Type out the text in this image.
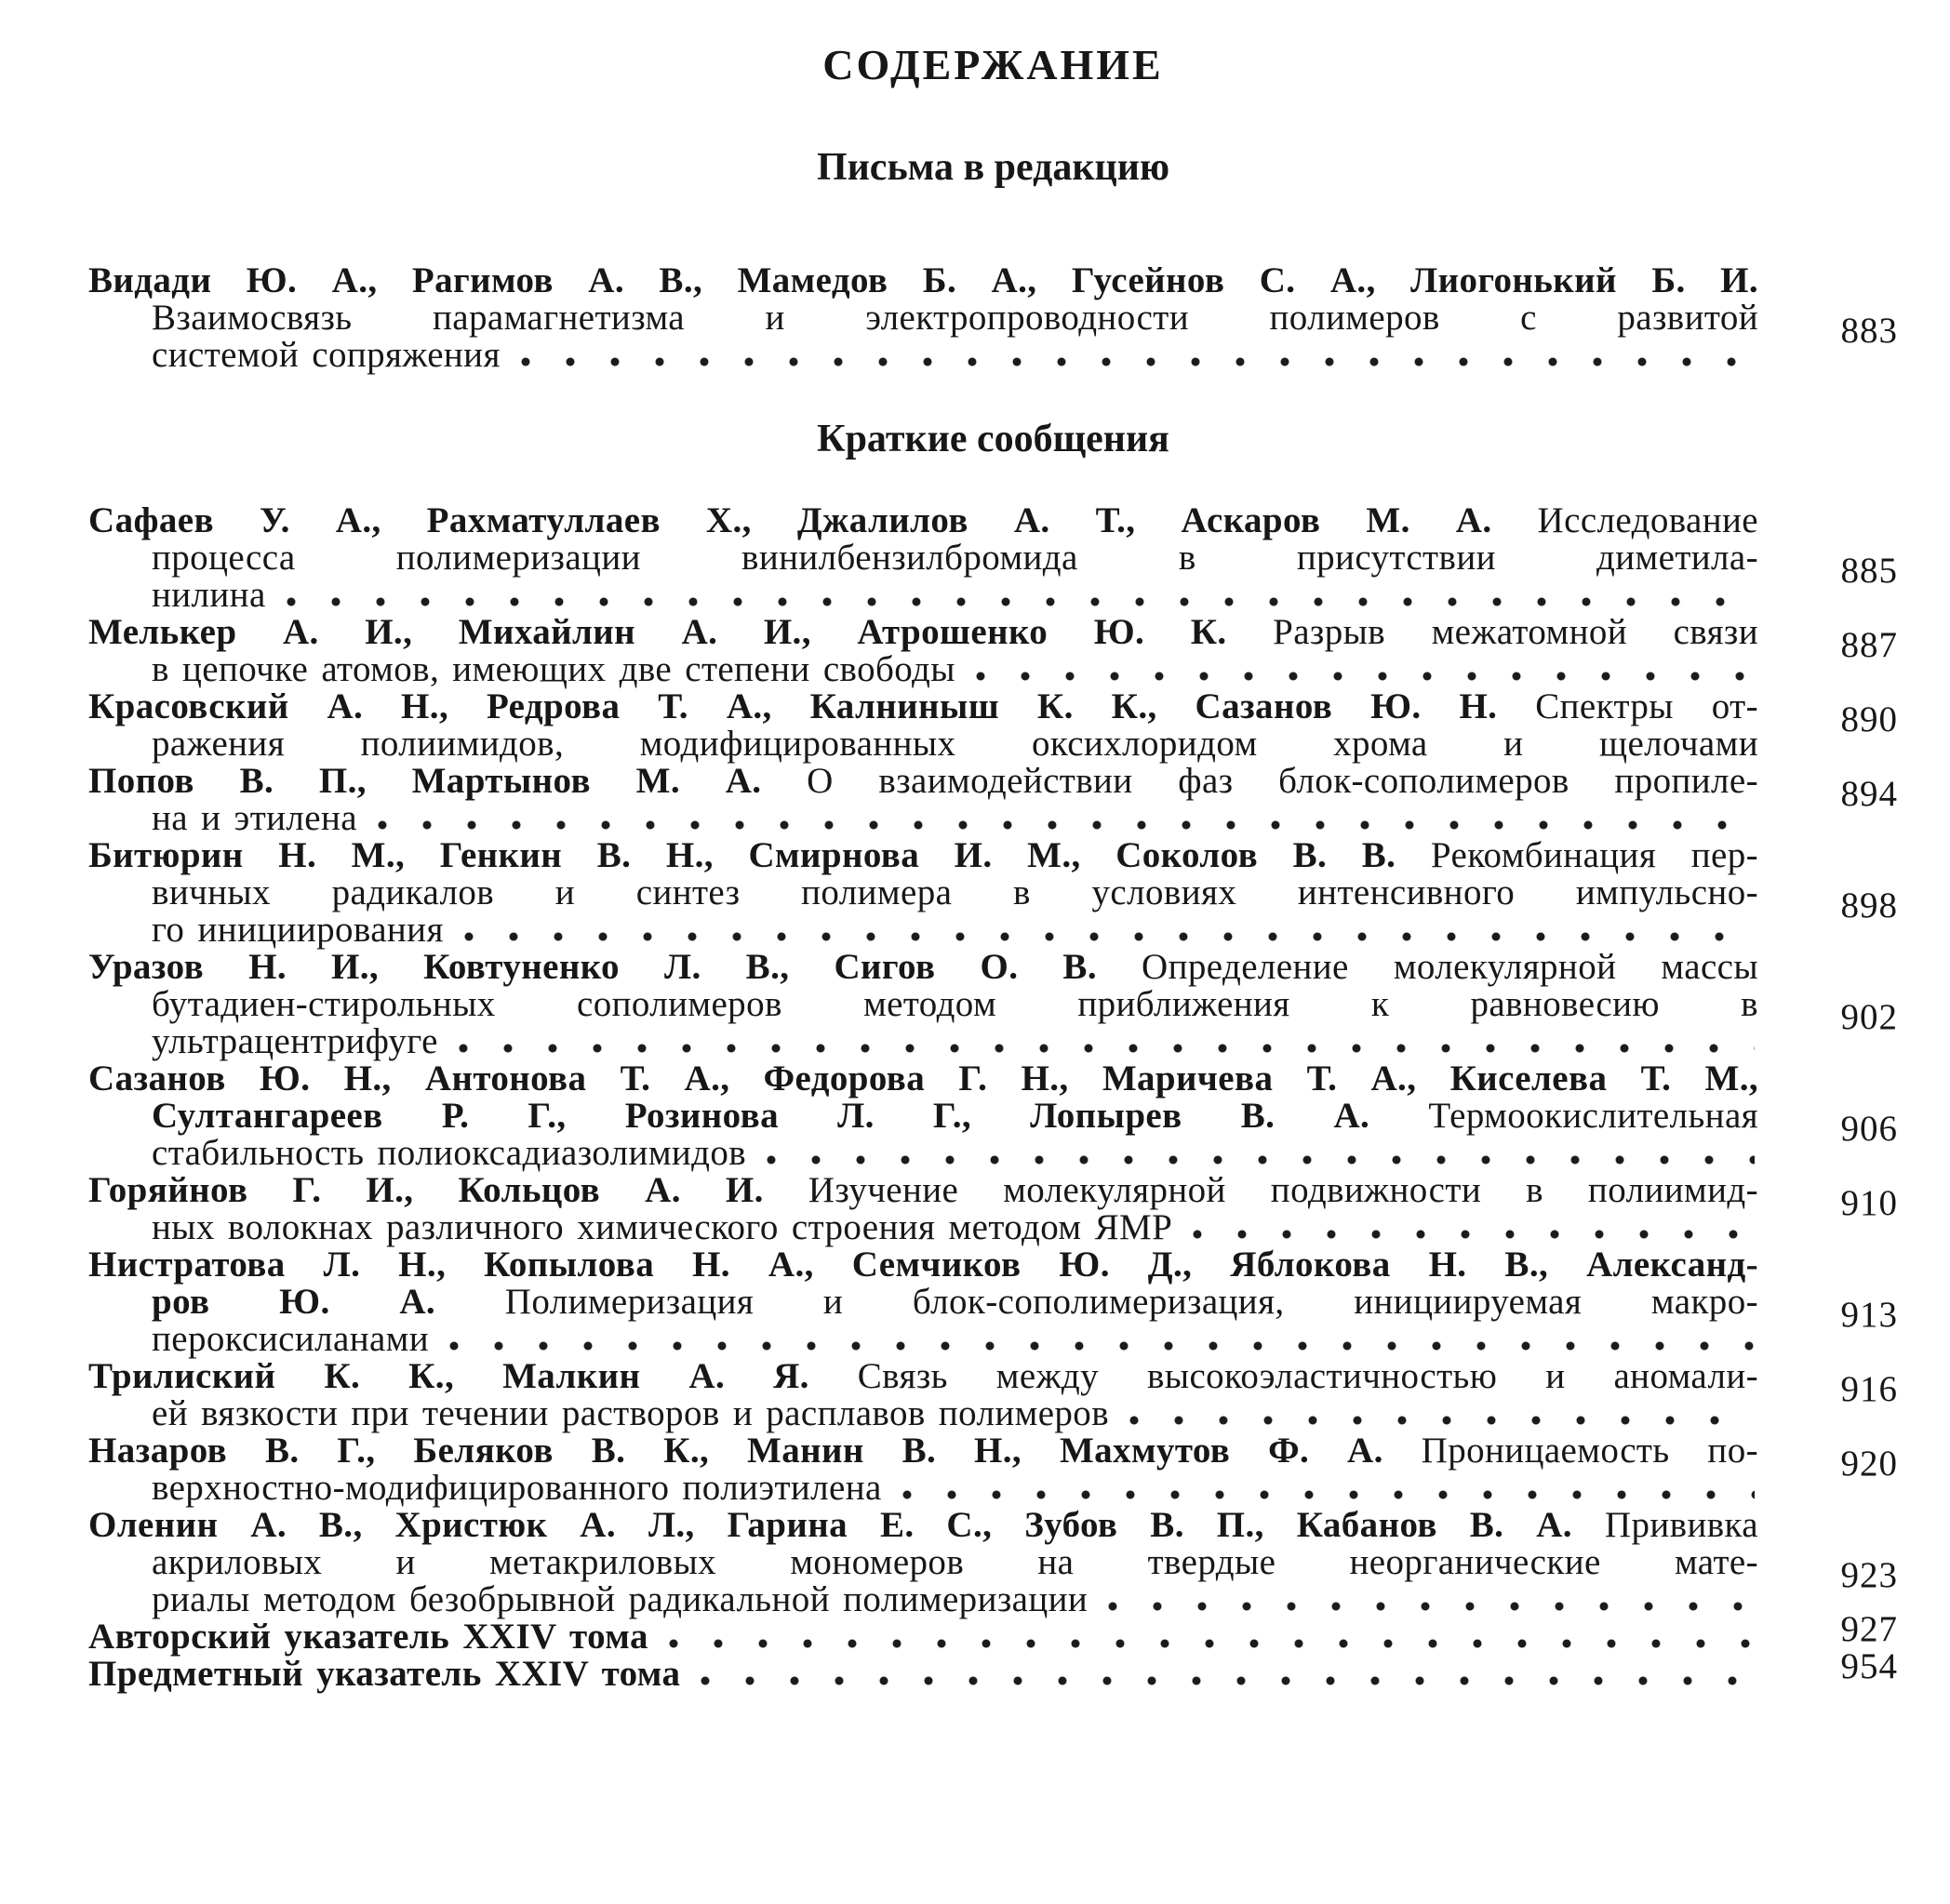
СОДЕРЖАНИЕ
Письма в редакцию
Видади Ю. А., Рагимов А. В., Мамедов Б. А., Гусейнов С. А., Лиогонький Б. И.
Взаимосвязь парамагнетизма и электропроводности полимеров с развитой
системой сопряжения
883
Краткие сообщения
Сафаев У. А., Рахматуллаев Х., Джалилов А. Т., Аскаров М. А. Исследование
процесса полимеризации винилбензилбромида в присутствии диметила-
нилина
885
Мелькер А. И., Михайлин А. И., Атрошенко Ю. К. Разрыв межатомной связи
в цепочке атомов, имеющих две степени свободы
887
Красовский А. Н., Редрова Т. А., Калниныш К. К., Сазанов Ю. Н. Спектры от-
ражения полиимидов, модифицированных оксихлоридом хрома и щелочами
890
Попов В. П., Мартынов М. А. О взаимодействии фаз блок-сополимеров пропиле-
на и этилена
894
Битюрин Н. М., Генкин В. Н., Смирнова И. М., Соколов В. В. Рекомбинация пер-
вичных радикалов и синтез полимера в условиях интенсивного импульсно-
го инициирования
898
Уразов Н. И., Ковтуненко Л. В., Сигов О. В. Определение молекулярной массы
бутадиен-стирольных сополимеров методом приближения к равновесию в
ультрацентрифуге
902
Сазанов Ю. Н., Антонова Т. А., Федорова Г. Н., Маричева Т. А., Киселева Т. М.,
Султангареев Р. Г., Розинова Л. Г., Лопырев В. А. Термоокислительная
стабильность полиоксадиазолимидов
906
Горяйнов Г. И., Кольцов А. И. Изучение молекулярной подвижности в полиимид-
ных волокнах различного химического строения методом ЯМР
910
Нистратова Л. Н., Копылова Н. А., Семчиков Ю. Д., Яблокова Н. В., Александ-
ров Ю. А. Полимеризация и блок-сополимеризация, инициируемая макро-
пероксисиланами
913
Трилиский К. К., Малкин А. Я. Связь между высокоэластичностью и аномали-
ей вязкости при течении растворов и расплавов полимеров
916
Назаров В. Г., Беляков В. К., Манин В. Н., Махмутов Ф. А. Проницаемость по-
верхностно-модифицированного полиэтилена
920
Оленин А. В., Христюк А. Л., Гарина Е. С., Зубов В. П., Кабанов В. А. Прививка
акриловых и метакриловых мономеров на твердые неорганические мате-
риалы методом безобрывной радикальной полимеризации
923
Авторский указатель XXIV тома	927
Предметный указатель XXIV тома	954
